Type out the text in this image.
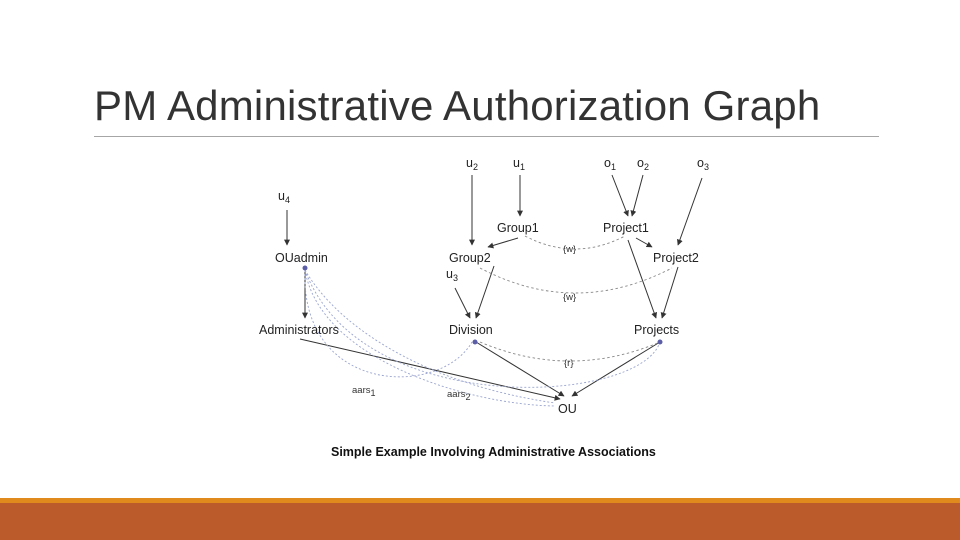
PM Administrative Authorization Graph
$u_2$	$u_1$	$o_1$ $o_2$	$o_3$
$u_4$
$u_3$
OUadmin
Group1	Project1
Group2	Project2
Administrators	Division	Projects
OU
{w}
{w}
{r}
aars1	aars2
Simple Example Involving Administrative Associations
